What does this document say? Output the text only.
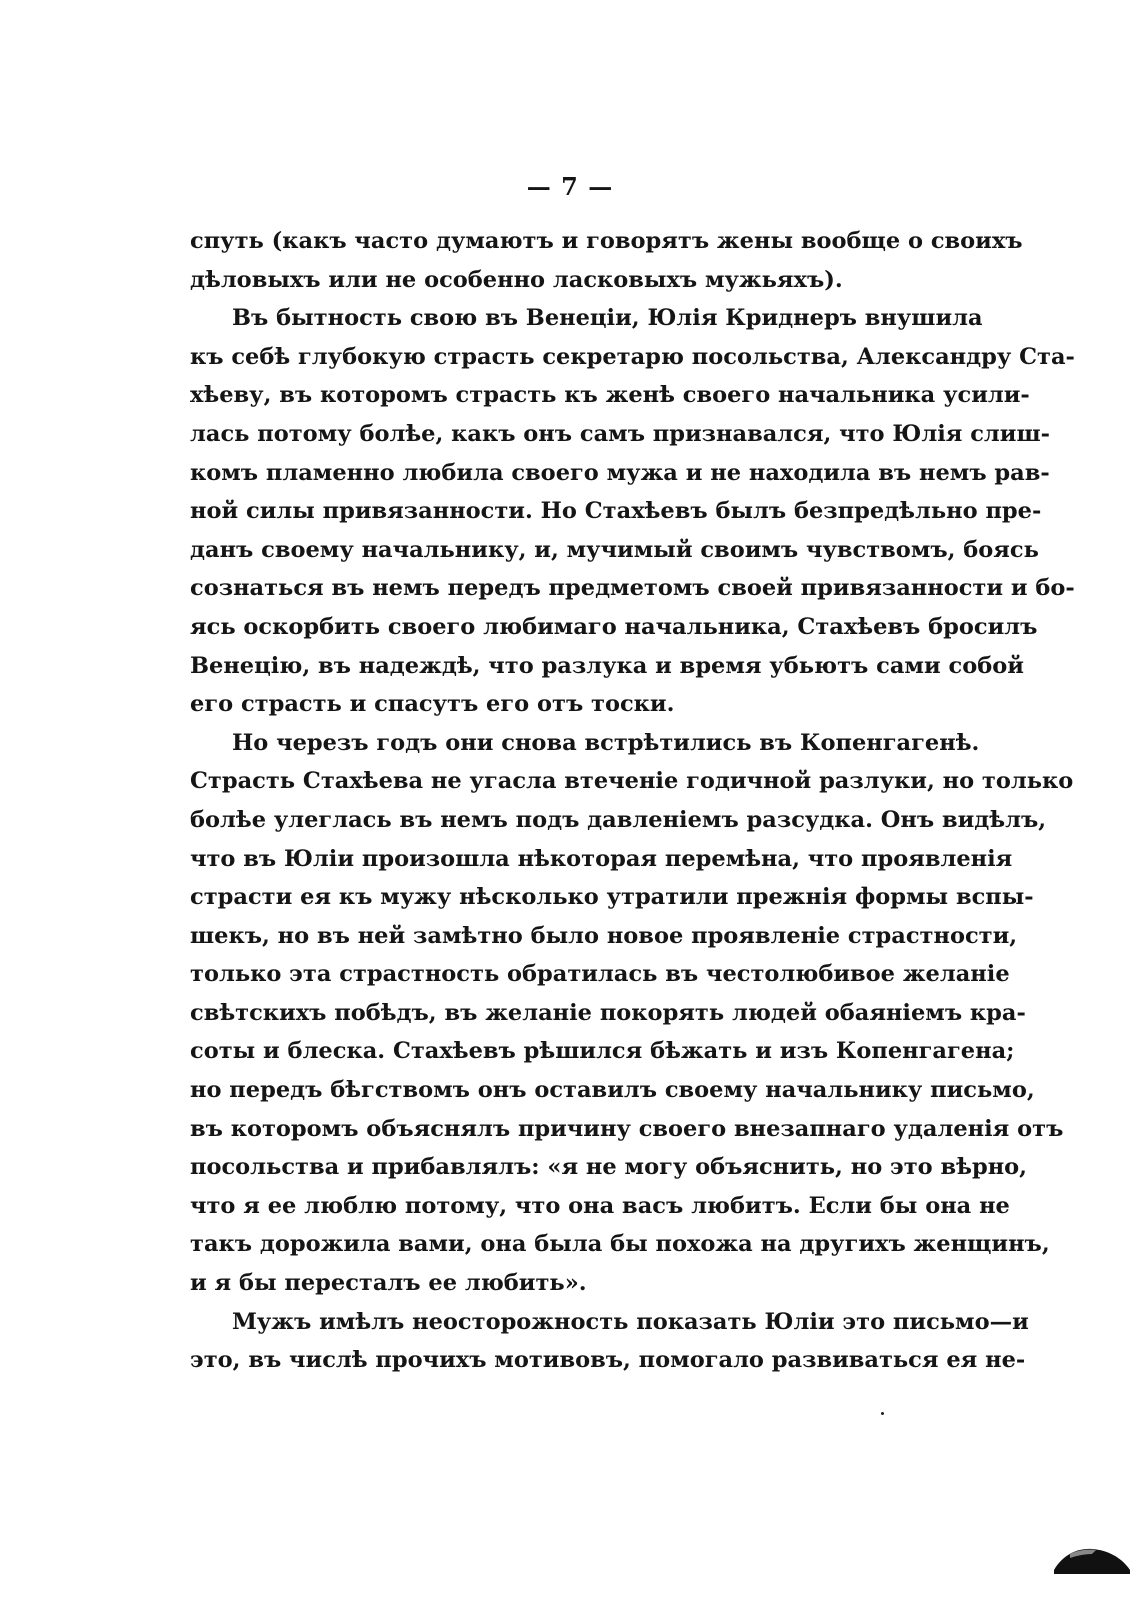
— 7 —
спуть (какъ часто думаютъ и говорятъ жены вообще о своихъ
дѣловыхъ или не особенно ласковыхъ мужьяхъ).
Въ бытность свою въ Венеціи, Юлія Криднеръ внушила
къ себѣ глубокую страсть секретарю посольства, Александру Ста-
хѣеву, въ которомъ страсть къ женѣ своего начальника усили-
лась потому болѣе, какъ онъ самъ признавался, что Юлія слиш-
комъ пламенно любила своего мужа и не находила въ немъ рав-
ной силы привязанности. Но Стахѣевъ былъ безпредѣльно пре-
данъ своему начальнику, и, мучимый своимъ чувствомъ, боясь
сознаться въ немъ передъ предметомъ своей привязанности и бо-
ясь оскорбить своего любимаго начальника, Стахѣевъ бросилъ
Венецію, въ надеждѣ, что разлука и время убьютъ сами собой
его страсть и спасутъ его отъ тоски.
Но черезъ годъ они снова встрѣтились въ Копенгагенѣ.
Страсть Стахѣева не угасла втеченіе годичной разлуки, но только
болѣе улеглась въ немъ подъ давленіемъ разсудка. Онъ видѣлъ,
что въ Юліи произошла нѣкоторая перемѣна, что проявленія
страсти ея къ мужу нѣсколько утратили прежнія формы вспы-
шекъ, но въ ней замѣтно было новое проявленіе страстности,
только эта страстность обратилась въ честолюбивое желаніе
свѣтскихъ побѣдъ, въ желаніе покорять людей обаяніемъ кра-
соты и блеска. Стахѣевъ рѣшился бѣжать и изъ Копенгагена;
но передъ бѣгствомъ онъ оставилъ своему начальнику письмо,
въ которомъ объяснялъ причину своего внезапнаго удаленія отъ
посольства и прибавлялъ: «я не могу объяснить, но это вѣрно,
что я ее люблю потому, что она васъ любитъ. Если бы она не
такъ дорожила вами, она была бы похожа на другихъ женщинъ,
и я бы пересталъ ее любить».
Мужъ имѣлъ неосторожность показать Юліи это письмо—и
это, въ числѣ прочихъ мотивовъ, помогало развиваться ея не-
